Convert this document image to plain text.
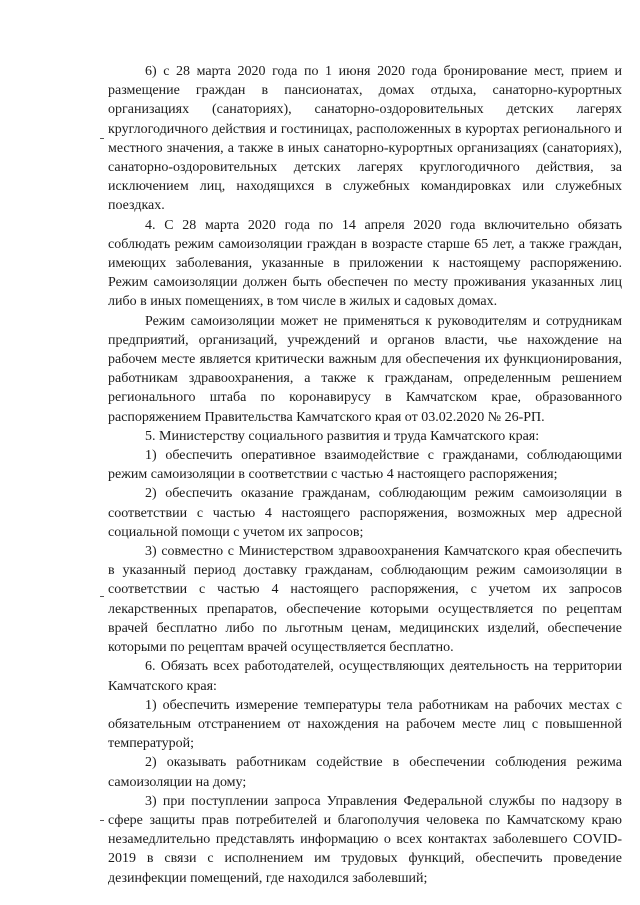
6) с 28 марта 2020 года по 1 июня 2020 года бронирование мест, прием и размещение граждан в пансионатах, домах отдыха, санаторно-курортных организациях (санаториях), санаторно-оздоровительных детских лагерях круглогодичного действия и гостиницах, расположенных в курортах регионального и местного значения, а также в иных санаторно-курортных организациях (санаториях), санаторно-оздоровительных детских лагерях круглогодичного действия, за исключением лиц, находящихся в служебных командировках или служебных поездках.

4. С 28 марта 2020 года по 14 апреля 2020 года включительно обязать соблюдать режим самоизоляции граждан в возрасте старше 65 лет, а также граждан, имеющих заболевания, указанные в приложении к настоящему распоряжению. Режим самоизоляции должен быть обеспечен по месту проживания указанных лиц либо в иных помещениях, в том числе в жилых и садовых домах.

Режим самоизоляции может не применяться к руководителям и сотрудникам предприятий, организаций, учреждений и органов власти, чье нахождение на рабочем месте является критически важным для обеспечения их функционирования, работникам здравоохранения, а также к гражданам, определенным решением регионального штаба по коронавирусу в Камчатском крае, образованного распоряжением Правительства Камчатского края от 03.02.2020 № 26-РП.

5. Министерству социального развития и труда Камчатского края:

1) обеспечить оперативное взаимодействие с гражданами, соблюдающими режим самоизоляции в соответствии с частью 4 настоящего распоряжения;

2) обеспечить оказание гражданам, соблюдающим режим самоизоляции в соответствии с частью 4 настоящего распоряжения, возможных мер адресной социальной помощи с учетом их запросов;

3) совместно с Министерством здравоохранения Камчатского края обеспечить в указанный период доставку гражданам, соблюдающим режим самоизоляции в соответствии с частью 4 настоящего распоряжения, с учетом их запросов лекарственных препаратов, обеспечение которыми осуществляется по рецептам врачей бесплатно либо по льготным ценам, медицинских изделий, обеспечение которыми по рецептам врачей осуществляется бесплатно.

6. Обязать всех работодателей, осуществляющих деятельность на территории Камчатского края:

1) обеспечить измерение температуры тела работникам на рабочих местах с обязательным отстранением от нахождения на рабочем месте лиц с повышенной температурой;

2) оказывать работникам содействие в обеспечении соблюдения режима самоизоляции на дому;

3) при поступлении запроса Управления Федеральной службы по надзору в сфере защиты прав потребителей и благополучия человека по Камчатскому краю незамедлительно представлять информацию о всех контактах заболевшего COVID-2019 в связи с исполнением им трудовых функций, обеспечить проведение дезинфекции помещений, где находился заболевший;
